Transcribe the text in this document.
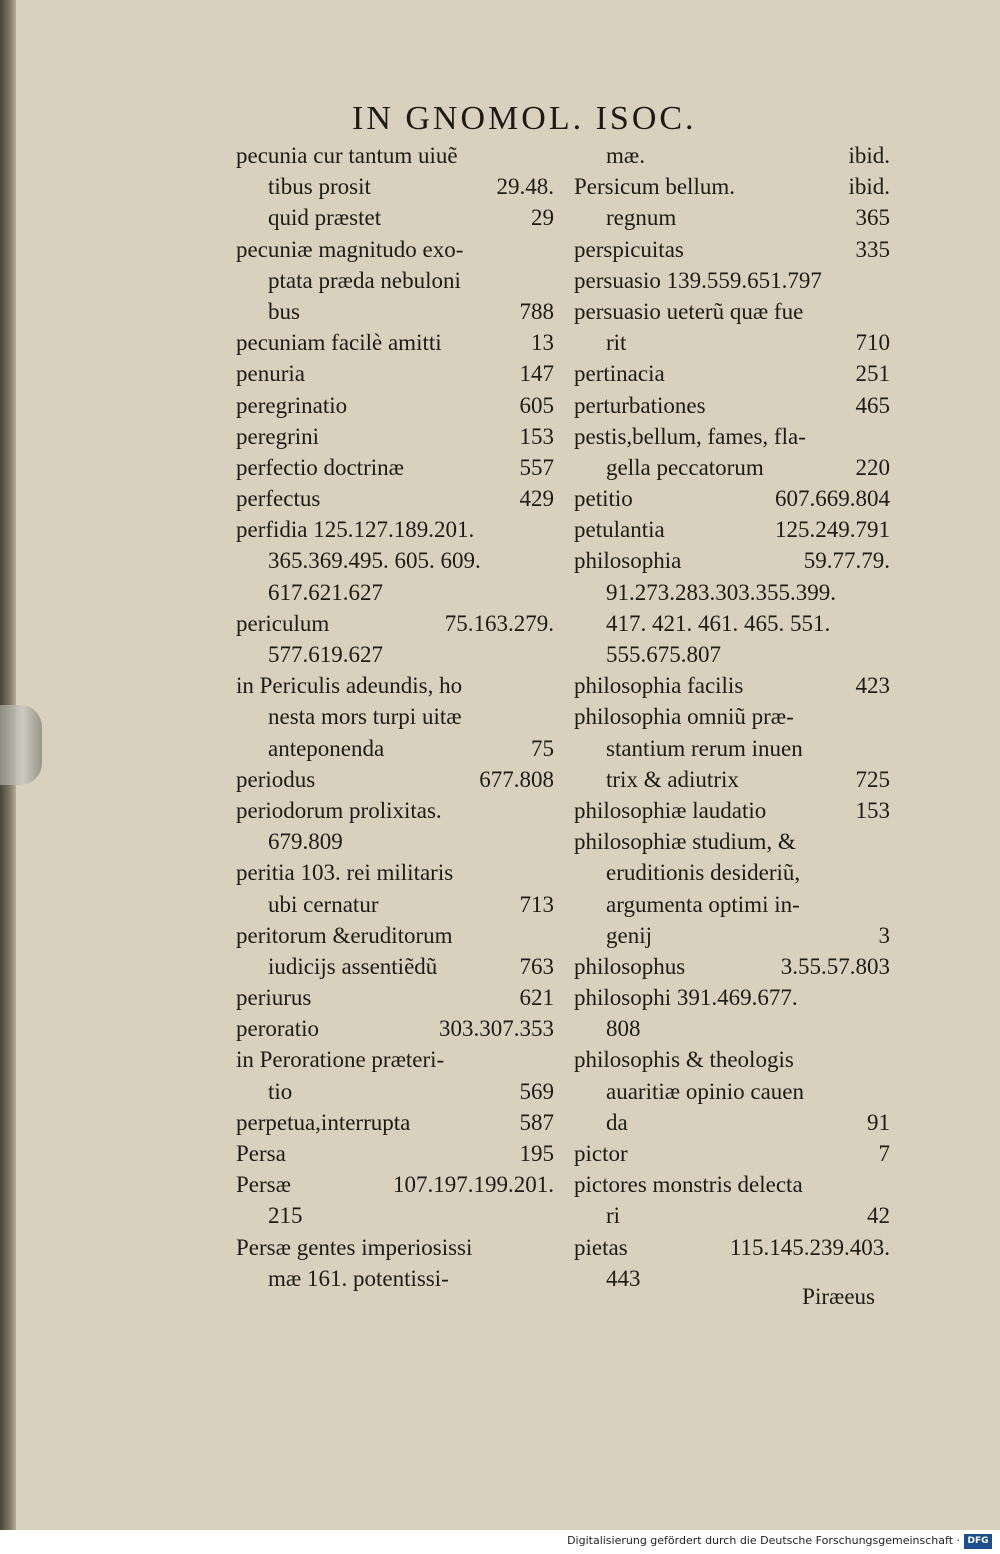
IN GNOMOL. ISOC.
pecunia cur tantum uiuẽ
tibus prosit	29.48.
quid præstet	29
pecuniæ magnitudo exo-
ptata præda nebuloni
bus	788
pecuniam facilè amitti	13
penuria	147
peregrinatio	605
peregrini	153
perfectio doctrinæ	557
perfectus	429
perfidia 125.127.189.201.
365.369.495. 605. 609.
617.621.627
periculum	75.163.279.
577.619.627
in Periculis adeundis, ho
nesta mors turpi uitæ
anteponenda	75
periodus	677.808
periodorum prolixitas.
679.809
peritia 103. rei militaris
ubi cernatur	713
peritorum &eruditorum
iudicijs assentiẽdũ	763
periurus	621
peroratio	303.307.353
in Peroratione præteri-
tio	569
perpetua,interrupta	587
Persa	195
Persæ	107.197.199.201.
215
Persæ gentes imperiosissi
mæ 161. potentissi-
mæ.	ibid.
Persicum bellum.	ibid.
regnum	365
perspicuitas	335
persuasio 139.559.651.797
persuasio ueterũ quæ fue
rit	710
pertinacia	251
perturbationes	465
pestis,bellum, fames, fla-
gella peccatorum	220
petitio	607.669.804
petulantia	125.249.791
philosophia	59.77.79.
91.273.283.303.355.399.
417. 421. 461. 465. 551.
555.675.807
philosophia facilis	423
philosophia omniũ præ-
stantium rerum inuen
trix & adiutrix	725
philosophiæ laudatio	153
philosophiæ studium, &
eruditionis desideriũ,
argumenta optimi in-
genij	3
philosophus	3.55.57.803
philosophi 391.469.677.
808
philosophis & theologis
auaritiæ opinio cauen
da	91
pictor	7
pictores monstris delecta
ri	42
pietas	115.145.239.403.
443
Piræeus
Digitalisierung gefördert durch die Deutsche Forschungsgemeinschaft · DFG
